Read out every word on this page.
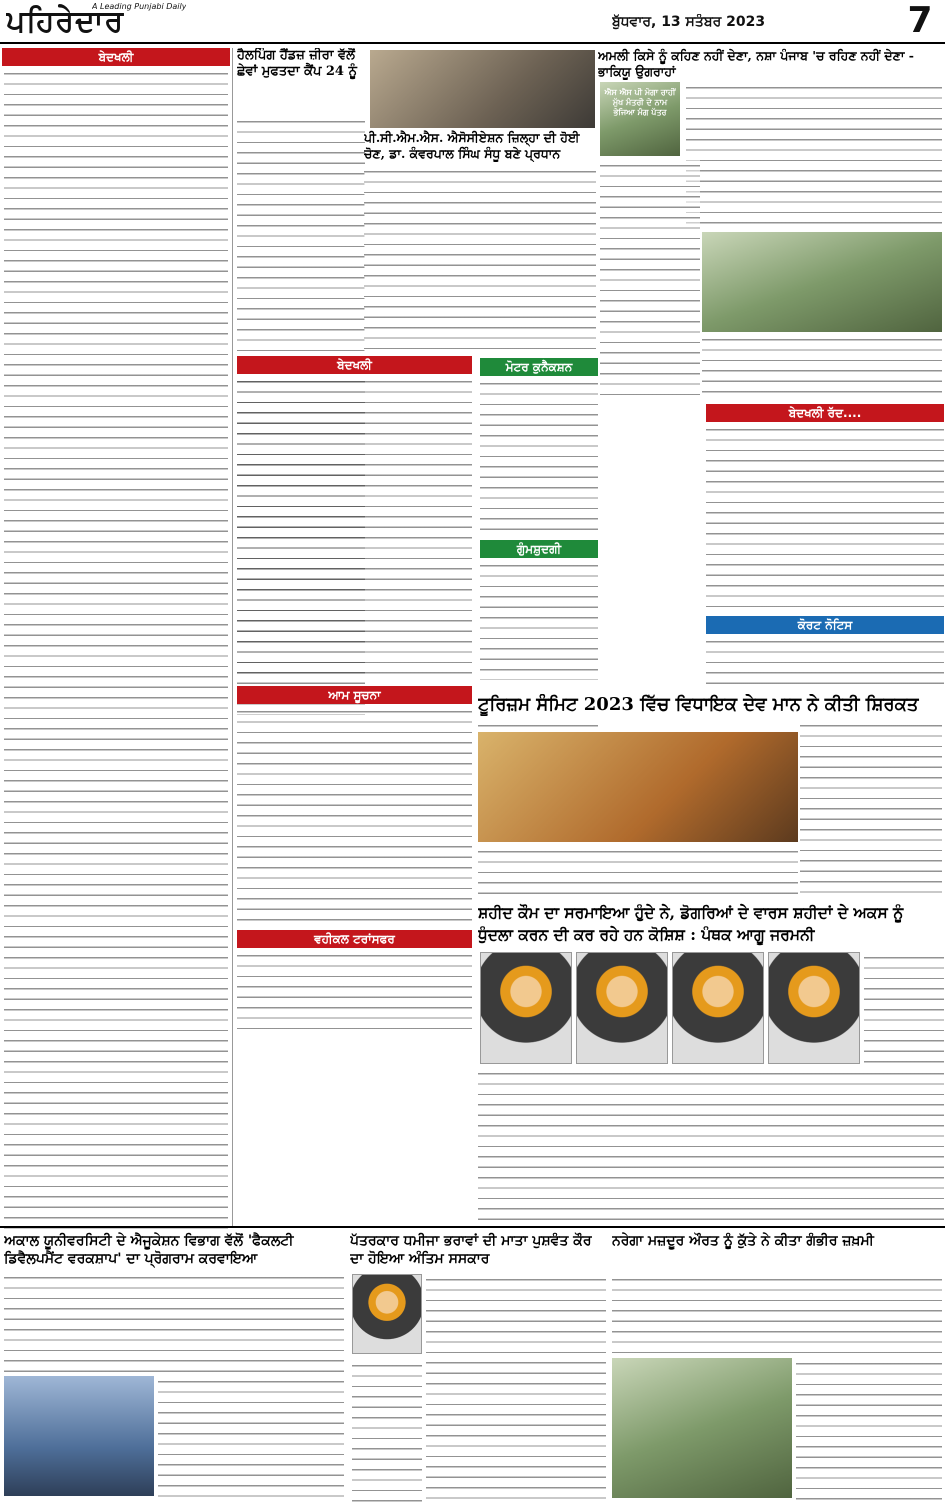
ਪਹਿਰੇਦਾਰ
A Leading Punjabi Daily
ਬੁੱਧਵਾਰ, 13 ਸਤੰਬਰ 2023	7
ਬੇਦਖਲੀ	ਹੈਲਪਿੰਗ ਹੈਂਡਜ਼ ਜ਼ੀਰਾ ਵੱਲੋਂ ਛੇਵਾਂ ਮੁਫਤਦਾ ਕੈਂਪ 24 ਨੂੰ
ਬੇਦਖਲੀ
ਪੀ.ਸੀ.ਐਮ.ਐਸ. ਐਸੋਸੀਏਸ਼ਨ ਜ਼ਿਲ੍ਹਾ ਦੀ ਹੋਈ ਚੋਣ, ਡਾ. ਕੰਵਰਪਾਲ ਸਿੰਘ ਸੰਧੂ ਬਣੇ ਪ੍ਰਧਾਨ
ਮੋਟਰ ਕੁਨੈਕਸ਼ਨ
ਗੁੰਮਸ਼ੁਦਗੀ
ਅਮਲੀ ਕਿਸੇ ਨੂੰ ਕਹਿਣ ਨਹੀਂ ਦੇਣਾ, ਨਸ਼ਾ ਪੰਜਾਬ 'ਚ ਰਹਿਣ ਨਹੀਂ ਦੇਣਾ - ਭਾਕਿਯੂ ਉਗਰਾਹਾਂ
ਐਸ ਐਸ ਪੀ ਮੋਗਾ ਰਾਹੀਂ ਮੁੱਖ ਮੰਤਰੀ ਦੇ ਨਾਮ ਭੇਜਿਆ ਮੰਗ ਪੱਤਰ
ਬੇਦਖਲੀ ਰੱਦ....
ਕੋਰਟ ਨੋਟਿਸ
ਆਮ ਸੂਚਨਾ
ਵਹੀਕਲ ਟਰਾਂਸਫਰ
ਟੂਰਿਜ਼ਮ ਸੰਮਿਟ 2023 ਵਿੱਚ ਵਿਧਾਇਕ ਦੇਵ ਮਾਨ ਨੇ ਕੀਤੀ ਸ਼ਿਰਕਤ
ਸ਼ਹੀਦ ਕੌਮ ਦਾ ਸਰਮਾਇਆ ਹੁੰਦੇ ਨੇ, ਡੋਗਰਿਆਂ ਦੇ ਵਾਰਸ ਸ਼ਹੀਦਾਂ ਦੇ ਅਕਸ ਨੂੰ ਧੁੰਦਲਾ ਕਰਨ ਦੀ ਕਰ ਰਹੇ ਹਨ ਕੋਸ਼ਿਸ਼ : ਪੰਥਕ ਆਗੂ ਜਰਮਨੀ
ਅਕਾਲ ਯੂਨੀਵਰਸਿਟੀ ਦੇ ਐਜੂਕੇਸ਼ਨ ਵਿਭਾਗ ਵੱਲੋਂ 'ਫੈਕਲਟੀ ਡਿਵੈਲਪਮੈਂਟ ਵਰਕਸ਼ਾਪ' ਦਾ ਪ੍ਰੋਗਰਾਮ ਕਰਵਾਇਆ
ਪੱਤਰਕਾਰ ਧਮੀਜਾ ਭਰਾਵਾਂ ਦੀ ਮਾਤਾ ਪੁਸ਼ਵੰਤ ਕੌਰ ਦਾ ਹੋਇਆ ਅੰਤਿਮ ਸਸਕਾਰ
ਨਰੇਗਾ ਮਜ਼ਦੂਰ ਔਰਤ ਨੂੰ ਕੁੱਤੇ ਨੇ ਕੀਤਾ ਗੰਭੀਰ ਜ਼ਖ਼ਮੀ
